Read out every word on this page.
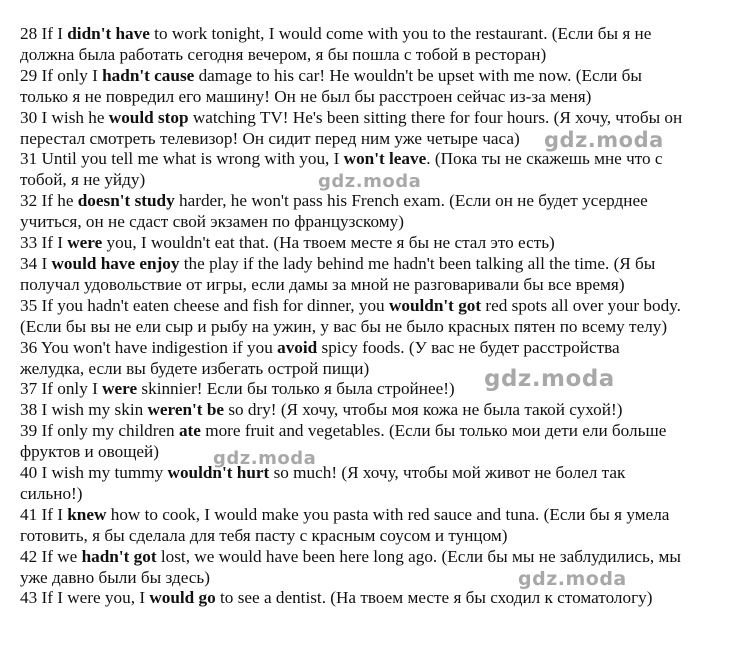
28 If I didn't have to work tonight, I would come with you to the restaurant. (Если бы я не
должна была работать сегодня вечером, я бы пошла с тобой в ресторан)
29 If only I hadn't cause damage to his car! He wouldn't be upset with me now. (Если бы
только я не повредил его машину! Он не был бы расстроен сейчас из-за меня)
30 I wish he would stop watching TV! He's been sitting there for four hours. (Я хочу, чтобы он
перестал смотреть телевизор! Он сидит перед ним уже четыре часа)
31 Until you tell me what is wrong with you, I won't leave. (Пока ты не скажешь мне что с
тобой, я не уйду)
32 If he doesn't study harder, he won't pass his French exam. (Если он не будет усерднее
учиться, он не сдаст свой экзамен по французскому)
33 If I were you, I wouldn't eat that. (На твоем месте я бы не стал это есть)
34 I would have enjoy the play if the lady behind me hadn't been talking all the time. (Я бы
получал удовольствие от игры, если дамы за мной не разговаривали бы все время)
35 If you hadn't eaten cheese and fish for dinner, you wouldn't got red spots all over your body.
(Если бы вы не ели сыр и рыбу на ужин, у вас бы не было красных пятен по всему телу)
36 You won't have indigestion if you avoid spicy foods. (У вас не будет расстройства
желудка, если вы будете избегать острой пищи)
37 If only I were skinnier! Если бы только я была стройнее!)
38 I wish my skin weren't be so dry! (Я хочу, чтобы моя кожа не была такой сухой!)
39 If only my children ate more fruit and vegetables. (Если бы только мои дети ели больше
фруктов и овощей)
40 I wish my tummy wouldn't hurt so much! (Я хочу, чтобы мой живот не болел так
сильно!)
41 If I knew how to cook, I would make you pasta with red sauce and tuna. (Если бы я умела
готовить, я бы сделала для тебя пасту с красным соусом и тунцом)
42 If we hadn't got lost, we would have been here long ago. (Если бы мы не заблудились, мы
уже давно были бы здесь)
43 If I were you, I would go to see a dentist. (На твоем месте я бы сходил к стоматологу)
gdz.moda
gdz.moda
gdz.moda
gdz.moda
gdz.moda
